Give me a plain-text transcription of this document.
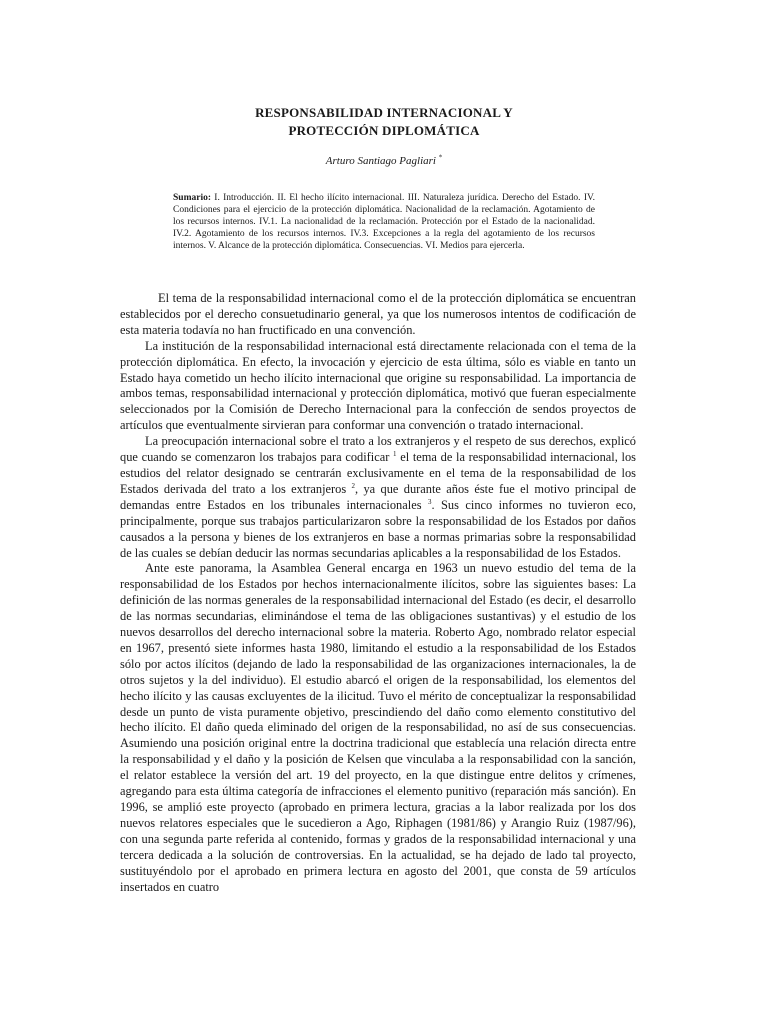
RESPONSABILIDAD INTERNACIONAL Y
PROTECCIÓN DIPLOMÁTICA
Arturo Santiago Pagliari *
Sumario: I. Introducción. II. El hecho ilícito internacional. III. Naturaleza jurídica. Derecho del Estado. IV. Condiciones para el ejercicio de la protección diplomática. Nacionalidad de la reclamación. Agotamiento de los recursos internos. IV.1. La nacionalidad de la reclamación. Protección por el Estado de la nacionalidad. IV.2. Agotamiento de los recursos internos. IV.3. Excepciones a la regla del agotamiento de los recursos internos. V. Alcance de la protección diplomática. Consecuencias. VI. Medios para ejercerla.

El tema de la responsabilidad internacional como el de la protección diplomática se encuentran establecidos por el derecho consuetudinario general, ya que los numerosos intentos de codificación de esta materia todavía no han fructificado en una convención.

La institución de la responsabilidad internacional está directamente relacionada con el tema de la protección diplomática. En efecto, la invocación y ejercicio de esta última, sólo es viable en tanto un Estado haya cometido un hecho ilícito internacional que origine su responsabilidad. La importancia de ambos temas, responsabilidad internacional y protección diplomática, motivó que fueran especialmente seleccionados por la Comisión de Derecho Internacional para la confección de sendos proyectos de artículos que eventualmente sirvieran para conformar una convención o tratado internacional.

La preocupación internacional sobre el trato a los extranjeros y el respeto de sus derechos, explicó que cuando se comenzaron los trabajos para codificar $^1$ el tema de la responsabilidad internacional, los estudios del relator designado se centrarán exclusivamente en el tema de la responsabilidad de los Estados derivada del trato a los extranjeros $^2$, ya que durante años éste fue el motivo principal de demandas entre Estados en los tribunales internacionales $^3$. Sus cinco informes no tuvieron eco, principalmente, porque sus trabajos particularizaron sobre la responsabilidad de los Estados por daños causados a la persona y bienes de los extranjeros en base a normas primarias sobre la responsabilidad de las cuales se debían deducir las normas secundarias aplicables a la responsabilidad de los Estados.

Ante este panorama, la Asamblea General encarga en 1963 un nuevo estudio del tema de la responsabilidad de los Estados por hechos internacionalmente ilícitos, sobre las siguientes bases: La definición de las normas generales de la responsabilidad internacional del Estado (es decir, el desarrollo de las normas secundarias, eliminándose el tema de las obligaciones sustantivas) y el estudio de los nuevos desarrollos del derecho internacional sobre la materia. Roberto Ago, nombrado relator especial en 1967, presentó siete informes hasta 1980, limitando el estudio a la responsabilidad de los Estados sólo por actos ilícitos (dejando de lado la responsabilidad de las organizaciones internacionales, la de otros sujetos y la del individuo). El estudio abarcó el origen de la responsabilidad, los elementos del hecho ilícito y las causas excluyentes de la ilicitud. Tuvo el mérito de conceptualizar la responsabilidad desde un punto de vista puramente objetivo, prescindiendo del daño como elemento constitutivo del hecho ilícito. El daño queda eliminado del origen de la responsabilidad, no así de sus consecuencias. Asumiendo una posición original entre la doctrina tradicional que establecía una relación directa entre la responsabilidad y el daño y la posición de Kelsen que vinculaba a la responsabilidad con la sanción, el relator establece la versión del art. 19 del proyecto, en la que distingue entre delitos y crímenes, agregando para esta última categoría de infracciones el elemento punitivo (reparación más sanción). En 1996, se amplió este proyecto (aprobado en primera lectura, gracias a la labor realizada por los dos nuevos relatores especiales que le sucedieron a Ago, Riphagen (1981/86) y Arangio Ruiz (1987/96), con una segunda parte referida al contenido, formas y grados de la responsabilidad internacional y una tercera dedicada a la solución de controversias. En la actualidad, se ha dejado de lado tal proyecto, sustituyéndolo por el aprobado en primera lectura en agosto del 2001, que consta de 59 artículos insertados en cuatro
